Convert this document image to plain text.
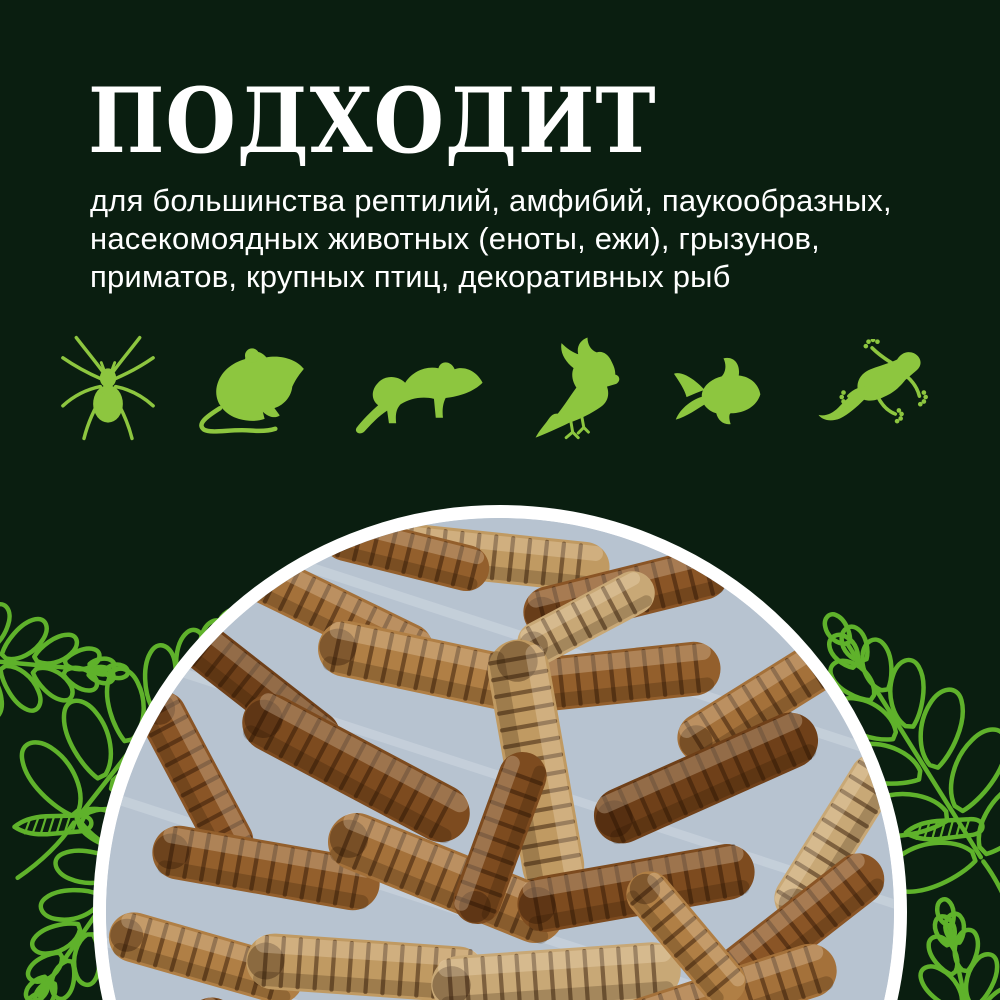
ПОДХОДИТ

для большинства рептилий, амфибий, паукообразных,
насекомоядных животных (еноты, ежи), грызунов,
приматов, крупных птиц, декоративных рыб
